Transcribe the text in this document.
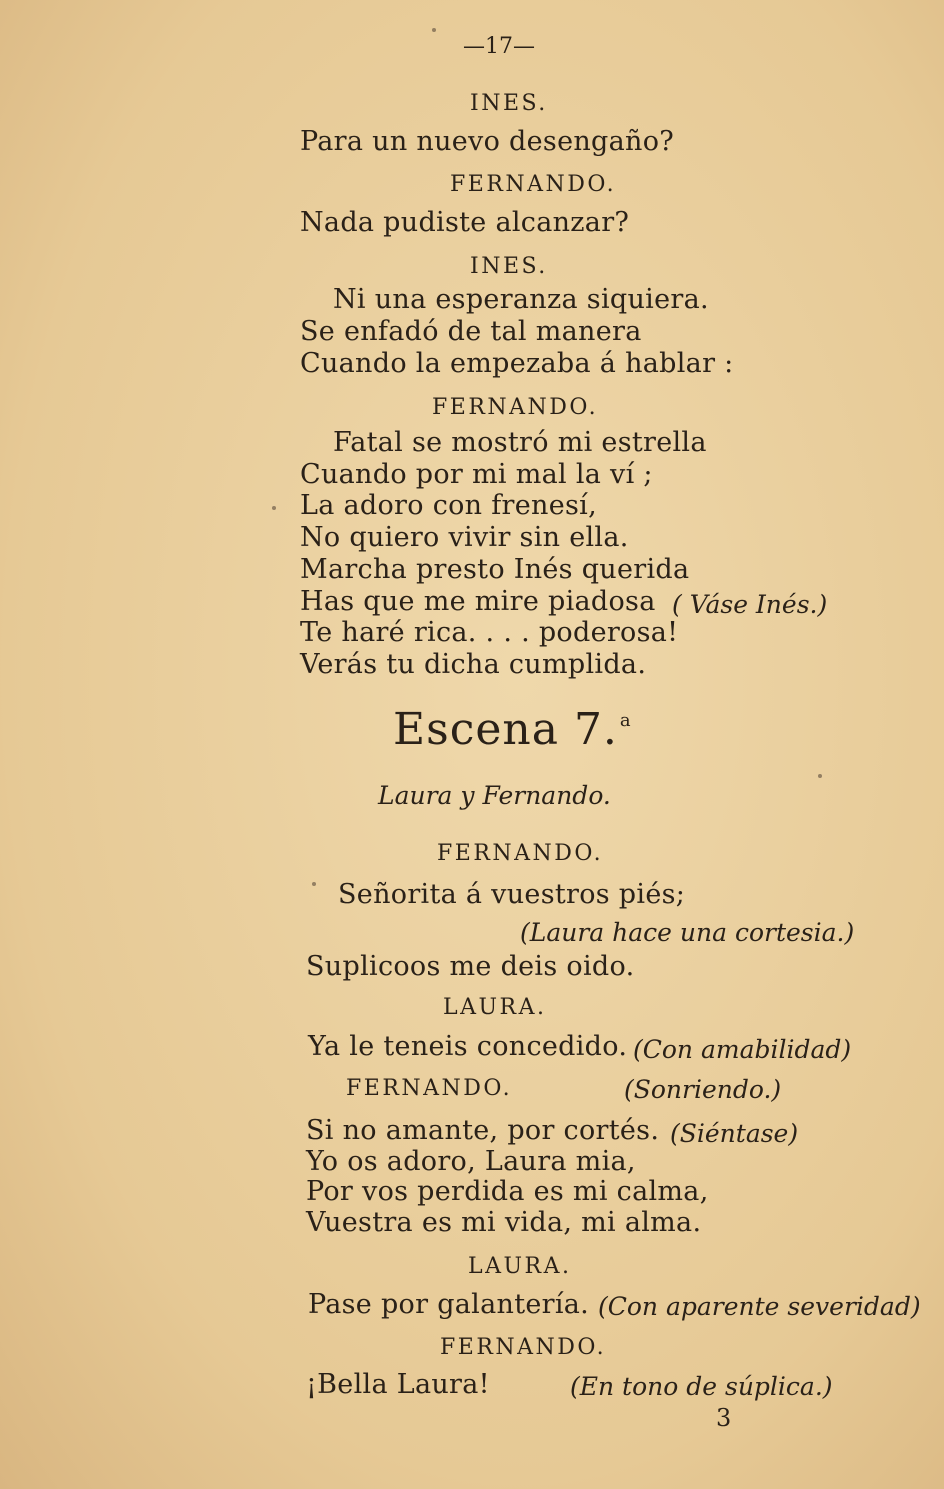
—17—
INES.
Para un nuevo desengaño?
FERNANDO.
Nada pudiste alcanzar?
INES.
Ni una esperanza siquiera.
Se enfadó de tal manera
Cuando la empezaba á hablar :
FERNANDO.
Fatal se mostró mi estrella
Cuando por mi mal la ví ;
La adoro con frenesí,
No quiero vivir sin ella.
Marcha presto Inés querida
Has que me mire piadosa ( Váse Inés.)
Te haré rica. . . . poderosa!
Verás tu dicha cumplida.
Escena 7. $^a$
Laura y Fernando.
FERNANDO.
Señorita á vuestros piés;
(Laura hace una cortesia.)
Suplicoos me deis oido.
LAURA.
Ya le teneis concedido. (Con amabilidad)
FERNANDO.	(Sonriendo.)
Si no amante, por cortés. (Siéntase)
Yo os adoro, Laura mia,
Por vos perdida es mi calma,
Vuestra es mi vida, mi alma.
LAURA.
Pase por galantería. (Con aparente severidad)
FERNANDO.
¡Bella Laura!	(En tono de súplica.)
3
